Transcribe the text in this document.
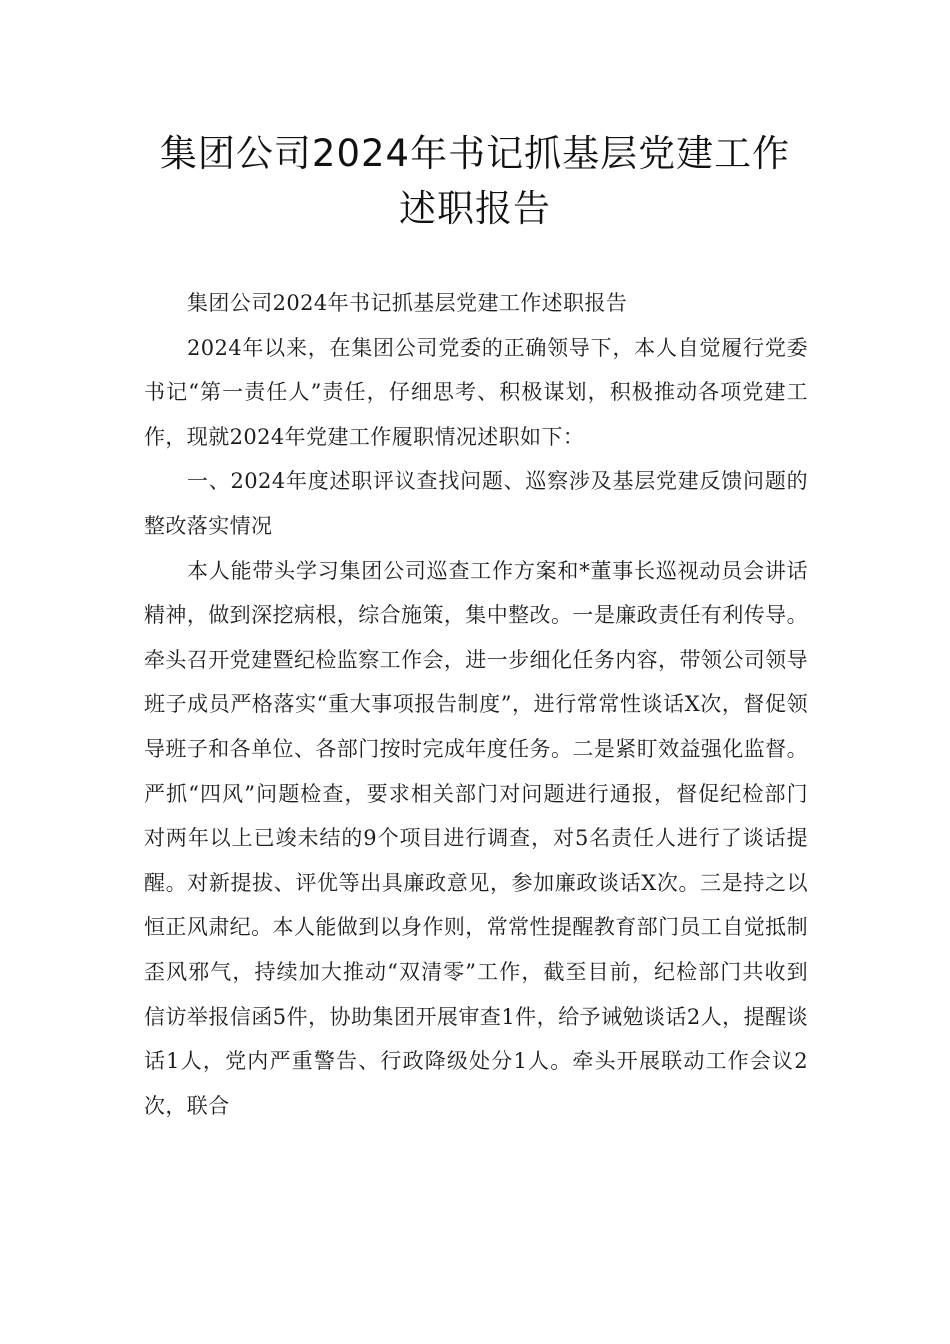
集团公司2024年书记抓基层党建工作
述职报告

集团公司2024年书记抓基层党建工作述职报告

2024年以来，在集团公司党委的正确领导下，本人自觉履行党委书记“第一责任人”责任，仔细思考、积极谋划，积极推动各项党建工作，现就2024年党建工作履职情况述职如下：

一、2024年度述职评议查找问题、巡察涉及基层党建反馈问题的整改落实情况

本人能带头学习集团公司巡查工作方案和*董事长巡视动员会讲话精神，做到深挖病根，综合施策，集中整改。一是廉政责任有利传导。牵头召开党建暨纪检监察工作会，进一步细化任务内容，带领公司领导班子成员严格落实“重大事项报告制度”，进行常常性谈话X次，督促领导班子和各单位、各部门按时完成年度任务。二是紧盯效益强化监督。严抓“四风”问题检查，要求相关部门对问题进行通报，督促纪检部门对两年以上已竣未结的9个项目进行调查，对5名责任人进行了谈话提醒。对新提拔、评优等出具廉政意见，参加廉政谈话X次。三是持之以恒正风肃纪。本人能做到以身作则，常常性提醒教育部门员工自觉抵制歪风邪气，持续加大推动“双清零”工作，截至目前，纪检部门共收到信访举报信函5件，协助集团开展审查1件，给予诫勉谈话2人，提醒谈话1人，党内严重警告、行政降级处分1人。牵头开展联动工作会议2次，联合
